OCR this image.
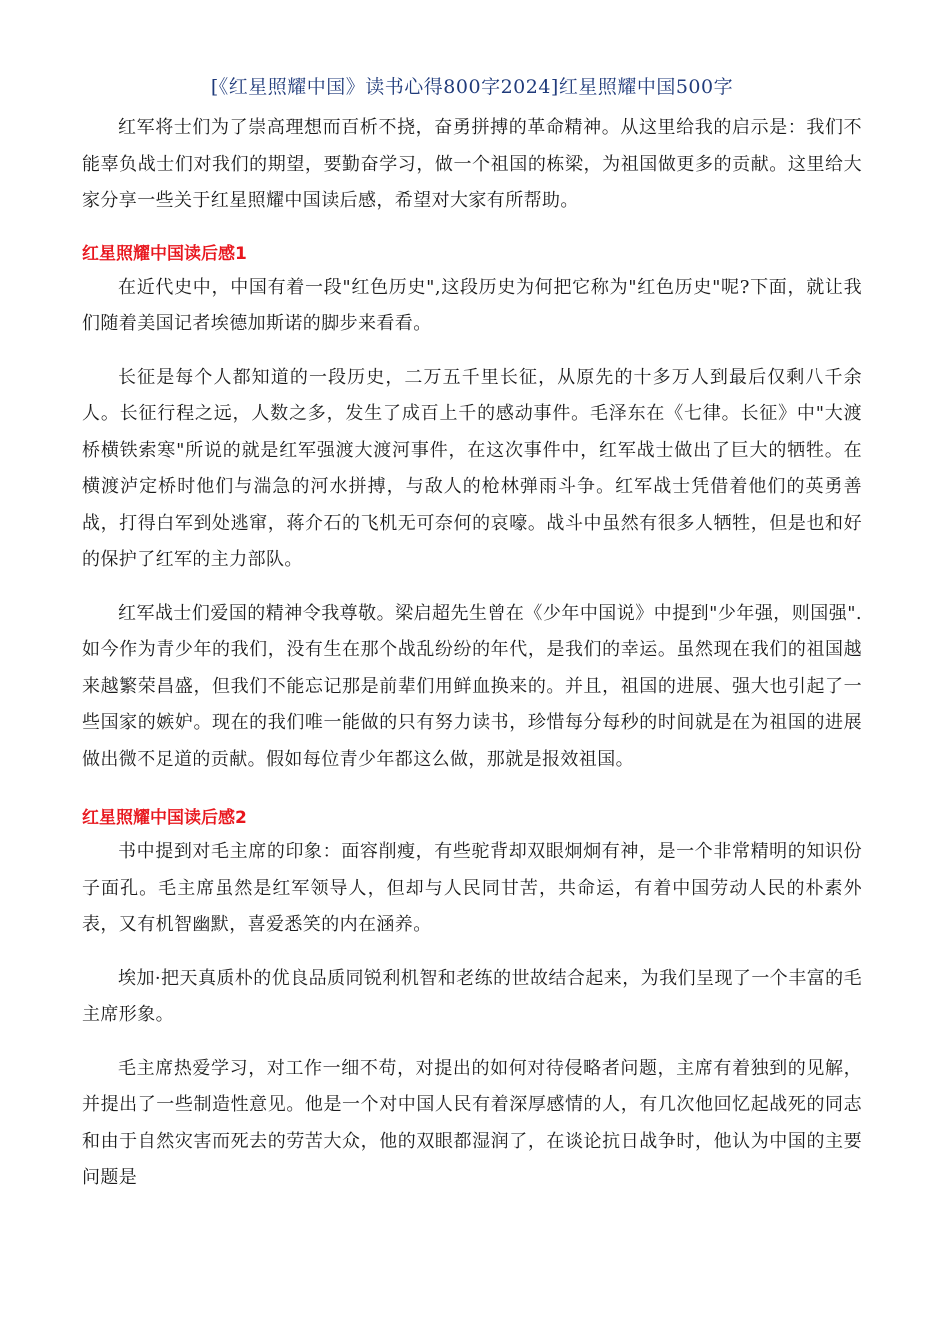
[《红星照耀中国》读书心得800字2024]红星照耀中国500字

红军将士们为了崇高理想而百析不挠，奋勇拼搏的革命精神。从这里给我的启示是：我们不能辜负战士们对我们的期望，要勤奋学习，做一个祖国的栋梁，为祖国做更多的贡献。这里给大家分享一些关于红星照耀中国读后感，希望对大家有所帮助。

红星照耀中国读后感1

在近代史中，中国有着一段"红色历史",这段历史为何把它称为"红色历史"呢?下面，就让我们随着美国记者埃德加斯诺的脚步来看看。

长征是每个人都知道的一段历史，二万五千里长征，从原先的十多万人到最后仅剩八千余人。长征行程之远，人数之多，发生了成百上千的感动事件。毛泽东在《七律。长征》中"大渡桥横铁索寒"所说的就是红军强渡大渡河事件，在这次事件中，红军战士做出了巨大的牺牲。在横渡泸定桥时他们与湍急的河水拼搏，与敌人的枪林弹雨斗争。红军战士凭借着他们的英勇善战，打得白军到处逃窜，蒋介石的飞机无可奈何的哀嚎。战斗中虽然有很多人牺牲，但是也和好的保护了红军的主力部队。

红军战士们爱国的精神令我尊敬。梁启超先生曾在《少年中国说》中提到"少年强，则国强".如今作为青少年的我们，没有生在那个战乱纷纷的年代，是我们的幸运。虽然现在我们的祖国越来越繁荣昌盛，但我们不能忘记那是前辈们用鲜血换来的。并且，祖国的进展、强大也引起了一些国家的嫉妒。现在的我们唯一能做的只有努力读书，珍惜每分每秒的时间就是在为祖国的进展做出微不足道的贡献。假如每位青少年都这么做，那就是报效祖国。

红星照耀中国读后感2

书中提到对毛主席的印象：面容削瘦，有些驼背却双眼炯炯有神，是一个非常精明的知识份子面孔。毛主席虽然是红军领导人，但却与人民同甘苦，共命运，有着中国劳动人民的朴素外表，又有机智幽默，喜爱悉笑的内在涵养。

埃加·把天真质朴的优良品质同锐利机智和老练的世故结合起来，为我们呈现了一个丰富的毛主席形象。

毛主席热爱学习，对工作一细不苟，对提出的如何对待侵略者问题，主席有着独到的见解，并提出了一些制造性意见。他是一个对中国人民有着深厚感情的人，有几次他回忆起战死的同志和由于自然灾害而死去的劳苦大众，他的双眼都湿润了，在谈论抗日战争时，他认为中国的主要问题是
